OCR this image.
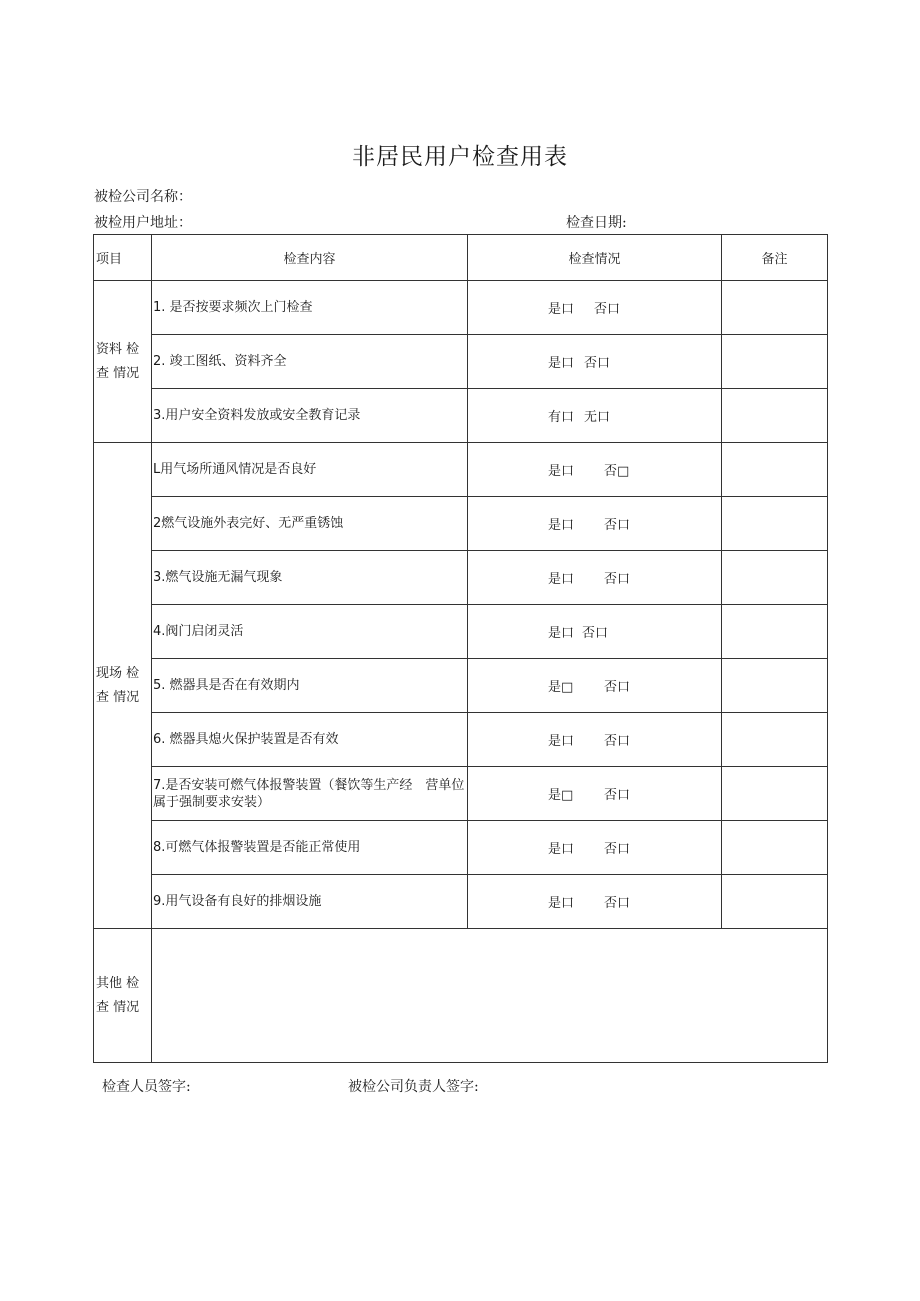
非居民用户检查用表
被检公司名称：
被检用户地址：	检查日期:
项目	检查内容	检查情况	备注
资料 检
查 情况	1. 是否按要求频次上门检查	是口 否口	
	2. 竣工图纸、资料齐全	是口 否口	
	3.用户安全资料发放或安全教育记录	有口 无口	
现场 检
查 情况	L用气场所通风情况是否良好	是口 否□	
	2燃气设施外表完好、无严重锈蚀	是口 否口	
	3.燃气设施无漏气现象	是口 否口	
	4.阀门启闭灵活	是口 否口	
	5. 燃器具是否在有效期内	是□ 否口	
	6. 燃器具熄火保护装置是否有效	是口 否口	
	7.是否安装可燃气体报警装置（餐饮等生产经　营单位属于强制要求安装）	是□ 否口	
	8.可燃气体报警装置是否能正常使用	是口 否口	
	9.用气设备有良好的排烟设施	是口 否口	
其他 检
查 情况			
检查人员签字:	被检公司负责人签字:
